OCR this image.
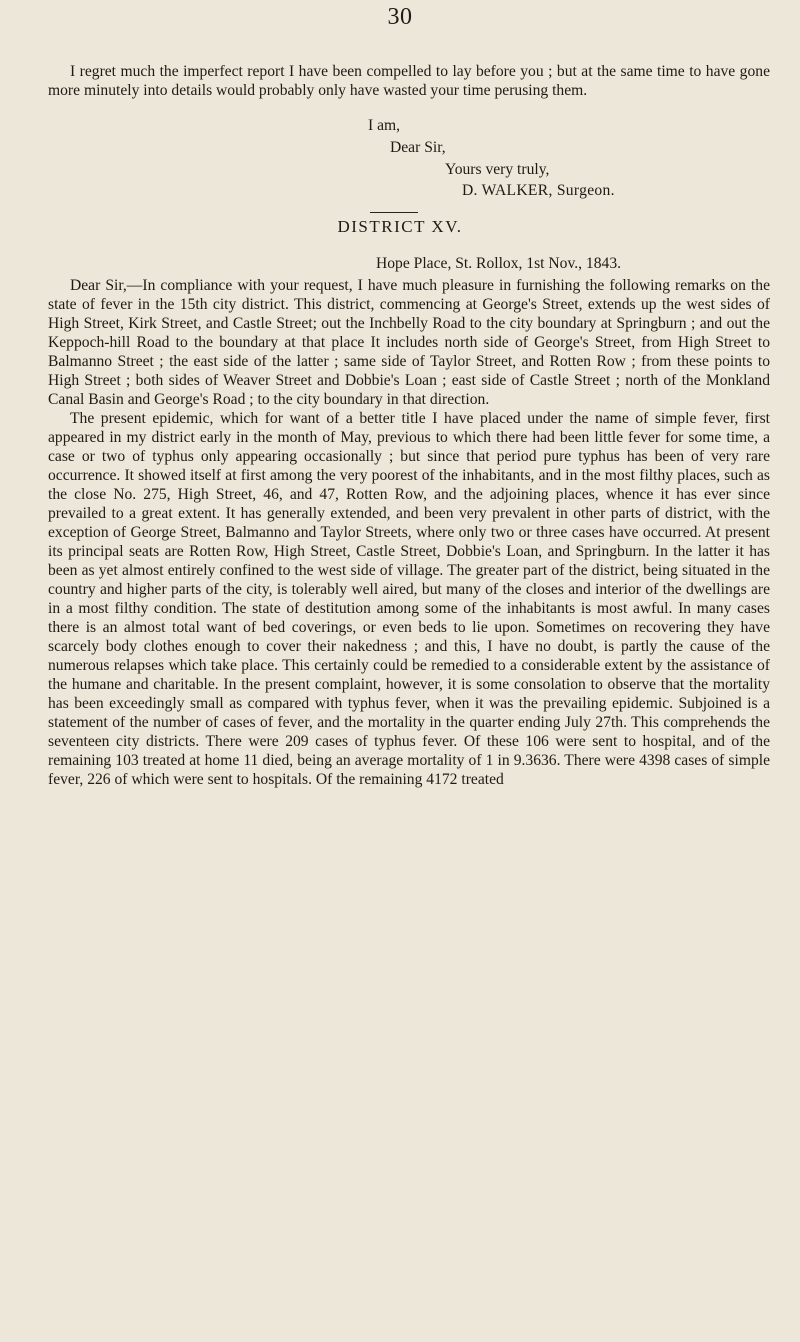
30
I regret much the imperfect report I have been compelled to lay before you ; but at the same time to have gone more minutely into details would probably only have wasted your time perusing them.
I am,
Dear Sir,
Yours very truly,
D. WALKER, Surgeon.
DISTRICT XV.
Hope Place, St. Rollox, 1st Nov., 1843.

Dear Sir,—In compliance with your request, I have much pleasure in furnishing the following remarks on the state of fever in the 15th city district. This district, commencing at George's Street, extends up the west sides of High Street, Kirk Street, and Castle Street; out the Inchbelly Road to the city boundary at Springburn ; and out the Keppoch-hill Road to the boundary at that place It includes north side of George's Street, from High Street to Balmanno Street ; the east side of the latter ; same side of Taylor Street, and Rotten Row ; from these points to High Street ; both sides of Weaver Street and Dobbie's Loan ; east side of Castle Street ; north of the Monkland Canal Basin and George's Road ; to the city boundary in that direction.

The present epidemic, which for want of a better title I have placed under the name of simple fever, first appeared in my district early in the month of May, previous to which there had been little fever for some time, a case or two of typhus only appearing occasionally ; but since that period pure typhus has been of very rare occurrence. It showed itself at first among the very poorest of the inhabitants, and in the most filthy places, such as the close No. 275, High Street, 46, and 47, Rotten Row, and the adjoining places, whence it has ever since prevailed to a great extent. It has generally extended, and been very prevalent in other parts of district, with the exception of George Street, Balmanno and Taylor Streets, where only two or three cases have occurred. At present its principal seats are Rotten Row, High Street, Castle Street, Dobbie's Loan, and Springburn. In the latter it has been as yet almost entirely confined to the west side of village. The greater part of the district, being situated in the country and higher parts of the city, is tolerably well aired, but many of the closes and interior of the dwellings are in a most filthy condition. The state of destitution among some of the inhabitants is most awful. In many cases there is an almost total want of bed coverings, or even beds to lie upon. Sometimes on recovering they have scarcely body clothes enough to cover their nakedness ; and this, I have no doubt, is partly the cause of the numerous relapses which take place. This certainly could be remedied to a considerable extent by the assistance of the humane and charitable. In the present complaint, however, it is some consolation to observe that the mortality has been exceedingly small as compared with typhus fever, when it was the prevailing epidemic. Subjoined is a statement of the number of cases of fever, and the mortality in the quarter ending July 27th. This comprehends the seventeen city districts. There were 209 cases of typhus fever. Of these 106 were sent to hospital, and of the remaining 103 treated at home 11 died, being an average mortality of 1 in 9.3636. There were 4398 cases of simple fever, 226 of which were sent to hospitals. Of the remaining 4172 treated
